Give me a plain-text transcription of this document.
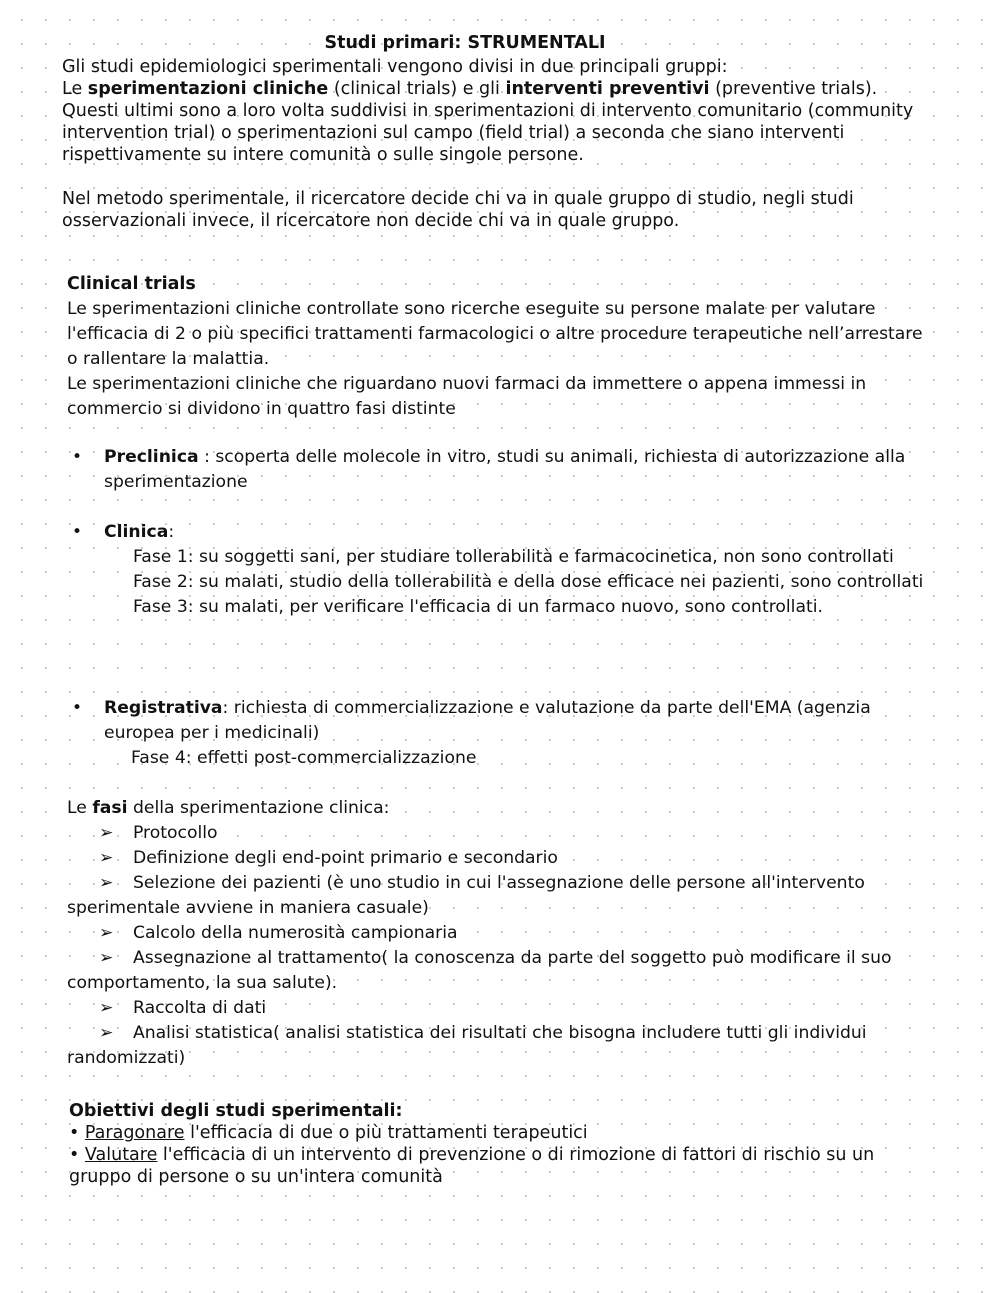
Studi primari: STRUMENTALI

Gli studi epidemiologici sperimentali vengono divisi in due principali gruppi:

Le sperimentazioni cliniche (clinical trials) e gli interventi preventivi (preventive trials).

Questi ultimi sono a loro volta suddivisi in sperimentazioni di intervento comunitario (community intervention trial) o sperimentazioni sul campo (field trial) a seconda che siano interventi rispettivamente su intere comunità o sulle singole persone.

Nel metodo sperimentale, il ricercatore decide chi va in quale gruppo di studio, negli studi osservazionali invece, il ricercatore non decide chi va in quale gruppo.

Clinical trials

Le sperimentazioni cliniche controllate sono ricerche eseguite su persone malate per valutare l'efficacia di 2 o più specifici trattamenti farmacologici o altre procedure terapeutiche nell’arrestare o rallentare la malattia.

Le sperimentazioni cliniche che riguardano nuovi farmaci da immettere o appena immessi in commercio si dividono in quattro fasi distinte

• Preclinica : scoperta delle molecole in vitro, studi su animali, richiesta di autorizzazione alla sperimentazione
• Clinica:

Fase 1: su soggetti sani, per studiare tollerabilità e farmacocinetica, non sono controllati

Fase 2: su malati, studio della tollerabilità e della dose efficace nei pazienti, sono controllati

Fase 3: su malati, per verificare l'efficacia di un farmaco nuovo, sono controllati.

• Registrativa: richiesta di commercializzazione e valutazione da parte dell'EMA (agenzia europea per i medicinali)

Fase 4: effetti post-commercializzazione

Le fasi della sperimentazione clinica:

➢ Protocollo

➢ Definizione degli end-point primario e secondario

➢ Selezione dei pazienti (è uno studio in cui l'assegnazione delle persone all'intervento sperimentale avviene in maniera casuale)

➢ Calcolo della numerosità campionaria

➢ Assegnazione al trattamento( la conoscenza da parte del soggetto può modificare il suo comportamento, la sua salute).

➢ Raccolta di dati

➢ Analisi statistica( analisi statistica dei risultati che bisogna includere tutti gli individui randomizzati)

Obiettivi degli studi sperimentali:

• Paragonare l'efficacia di due o più trattamenti terapeutici

• Valutare l'efficacia di un intervento di prevenzione o di rimozione di fattori di rischio su un gruppo di persone o su un'intera comunità
